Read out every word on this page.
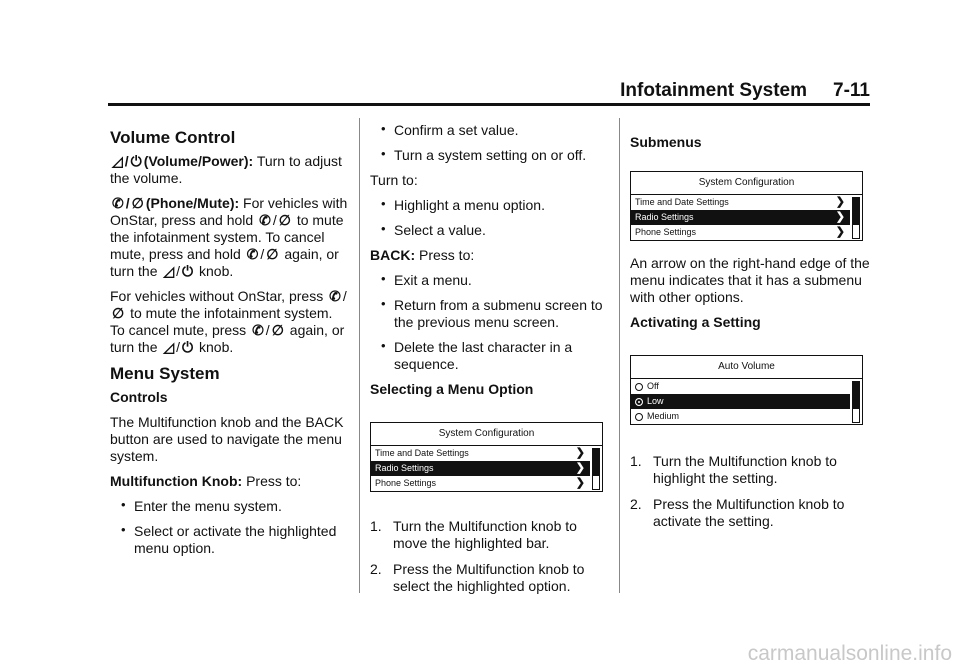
Infotainment System 7-11
Volume Control

◿ / ⏻ (Volume/Power): Turn to adjust the volume.

✆ / ∅ (Phone/Mute): For vehicles with OnStar, press and hold ✆ / ∅ to mute the infotainment system. To cancel mute, press and hold ✆ / ∅ again, or turn the ◿ / ⏻ knob.

For vehicles without OnStar, press ✆ /∅ to mute the infotainment system. To cancel mute, press ✆ / ∅ again, or turn the ◿ / ⏻ knob.

Menu System
Controls

The Multifunction knob and the BACK button are used to navigate the menu system.

Multifunction Knob: Press to:

• Enter the menu system.
• Select or activate the highlighted menu option.
• Confirm a set value.
• Turn a system setting on or off.

Turn to:

• Highlight a menu option.
• Select a value.

BACK: Press to:

• Exit a menu.
• Return from a submenu screen to the previous menu screen.
• Delete the last character in a sequence.
Selecting a Menu Option
System Configuration
Time and Date Settings	❯
Radio Settings	❯
Phone Settings	❯
1. Turn the Multifunction knob to move the highlighted bar.
2. Press the Multifunction knob to select the highlighted option.
Submenus
System Configuration
Time and Date Settings	❯
Radio Settings	❯
Phone Settings	❯

An arrow on the right-hand edge of the menu indicates that it has a submenu with other options.

Activating a Setting
Auto Volume
Off
Low
Medium
1. Turn the Multifunction knob to highlight the setting.
2. Press the Multifunction knob to activate the setting.
carmanualsonline.info
